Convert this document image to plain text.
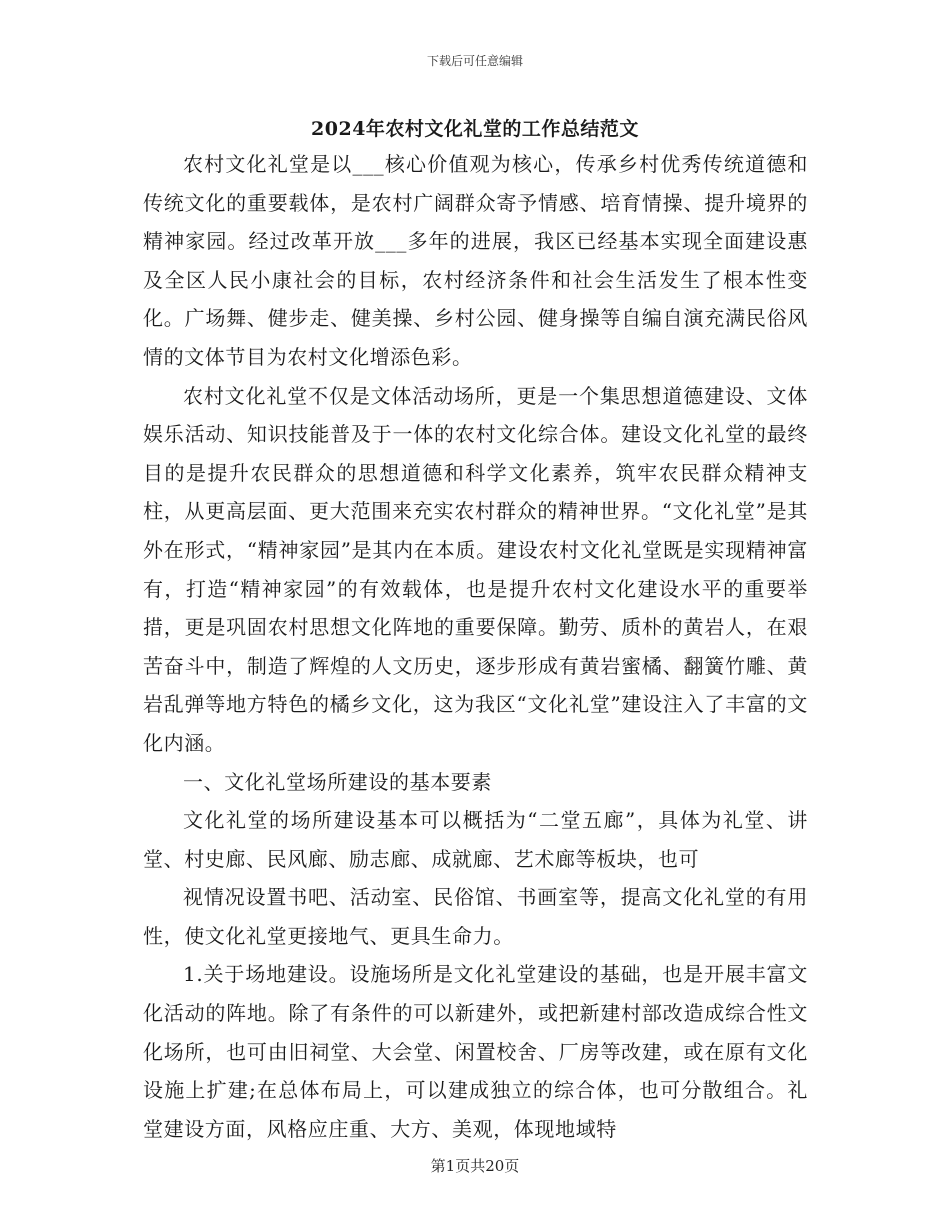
下载后可任意编辑
2024年农村文化礼堂的工作总结范文

农村文化礼堂是以___核心价值观为核心，传承乡村优秀传统道德和传统文化的重要载体，是农村广阔群众寄予情感、培育情操、提升境界的精神家园。经过改革开放___多年的进展，我区已经基本实现全面建设惠及全区人民小康社会的目标，农村经济条件和社会生活发生了根本性变化。广场舞、健步走、健美操、乡村公园、健身操等自编自演充满民俗风情的文体节目为农村文化增添色彩。

农村文化礼堂不仅是文体活动场所，更是一个集思想道德建设、文体娱乐活动、知识技能普及于一体的农村文化综合体。建设文化礼堂的最终目的是提升农民群众的思想道德和科学文化素养，筑牢农民群众精神支柱，从更高层面、更大范围来充实农村群众的精神世界。“文化礼堂”是其外在形式，“精神家园”是其内在本质。建设农村文化礼堂既是实现精神富有，打造“精神家园”的有效载体，也是提升农村文化建设水平的重要举措，更是巩固农村思想文化阵地的重要保障。勤劳、质朴的黄岩人，在艰苦奋斗中，制造了辉煌的人文历史，逐步形成有黄岩蜜橘、翻簧竹雕、黄岩乱弹等地方特色的橘乡文化，这为我区“文化礼堂”建设注入了丰富的文化内涵。

一、文化礼堂场所建设的基本要素

文化礼堂的场所建设基本可以概括为“二堂五廊”，具体为礼堂、讲堂、村史廊、民风廊、励志廊、成就廊、艺术廊等板块，也可

视情况设置书吧、活动室、民俗馆、书画室等，提高文化礼堂的有用性，使文化礼堂更接地气、更具生命力。

1.关于场地建设。设施场所是文化礼堂建设的基础，也是开展丰富文化活动的阵地。除了有条件的可以新建外，或把新建村部改造成综合性文化场所，也可由旧祠堂、大会堂、闲置校舍、厂房等改建，或在原有文化设施上扩建;在总体布局上，可以建成独立的综合体，也可分散组合。礼堂建设方面，风格应庄重、大方、美观，体现地域特

第1页共20页
